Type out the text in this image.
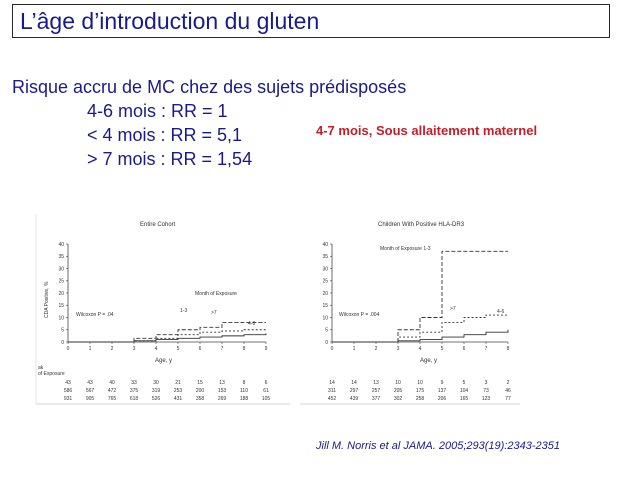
L’âge d’introduction du gluten
Risque accru de MC chez des sujets prédisposés
4-6 mois : RR = 1
< 4 mois : RR = 5,1
> 7 mois : RR = 1,54
4-7 mois, Sous allaitement maternel
Entire Cohort	Children With Positive HLA-DR3
CDA Positive, %
Age, y	Age, y
Month of Exposure
Month of Exposure 1-3
Wilcoxon P = .04	Wilcoxon P = .004
ak
of Exposure
0
5
10
15
20
25
30
35
40
0	1	2	3	4	5	6	7	8	9
1-3	>7
4-6
43	43	40	33	30	21	15	13	8	6
586	567	472	375	319	253	200	153	110	61
931	905	765	618	526	431	358	269	188	105
0
5
10
15
20
25
30
35
40
0	1	2	3	4	5	6	7	8
>7	4-6
14	14	13	10	10	9	5	3	2
311	297	257	205	175	137	104	73	46
452	439	377	302	258	206	165	123	77
Jill M. Norris et al JAMA. 2005;293(19):2343-2351
